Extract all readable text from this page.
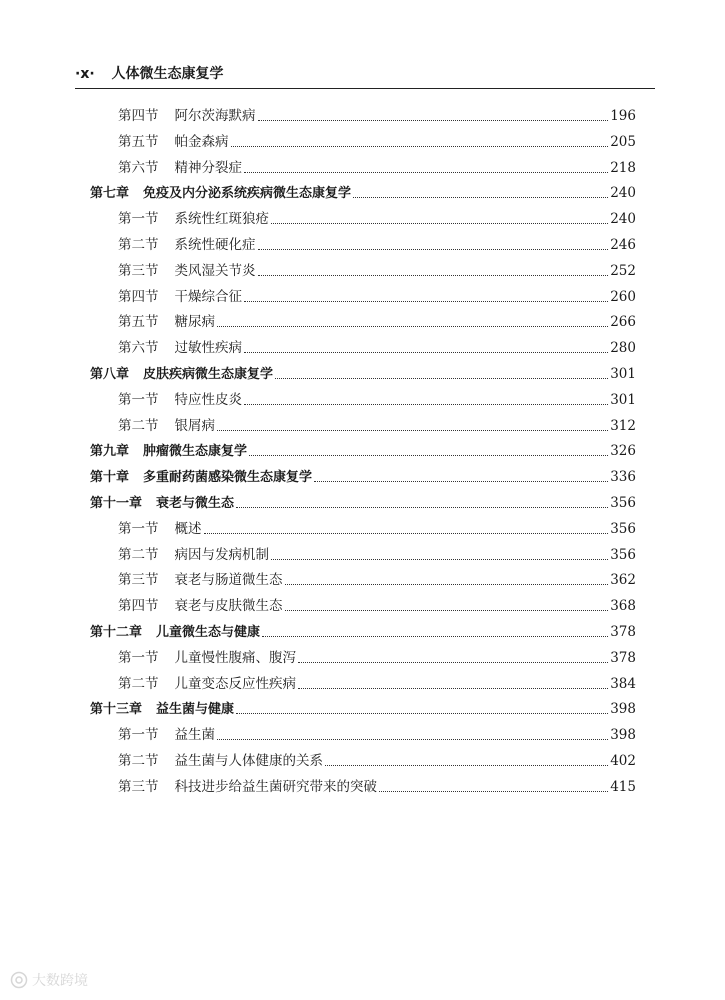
·x· 人体微生态康复学
第四节 阿尔茨海默病	196
第五节 帕金森病	205
第六节 精神分裂症	218
第七章 免疫及内分泌系统疾病微生态康复学	240
第一节 系统性红斑狼疮	240
第二节 系统性硬化症	246
第三节 类风湿关节炎	252
第四节 干燥综合征	260
第五节 糖尿病	266
第六节 过敏性疾病	280
第八章 皮肤疾病微生态康复学	301
第一节 特应性皮炎	301
第二节 银屑病	312
第九章 肿瘤微生态康复学	326
第十章 多重耐药菌感染微生态康复学	336
第十一章 衰老与微生态	356
第一节 概述	356
第二节 病因与发病机制	356
第三节 衰老与肠道微生态	362
第四节 衰老与皮肤微生态	368
第十二章 儿童微生态与健康	378
第一节 儿童慢性腹痛、腹泻	378
第二节 儿童变态反应性疾病	384
第十三章 益生菌与健康	398
第一节 益生菌	398
第二节 益生菌与人体健康的关系	402
第三节 科技进步给益生菌研究带来的突破	415
大数跨境
